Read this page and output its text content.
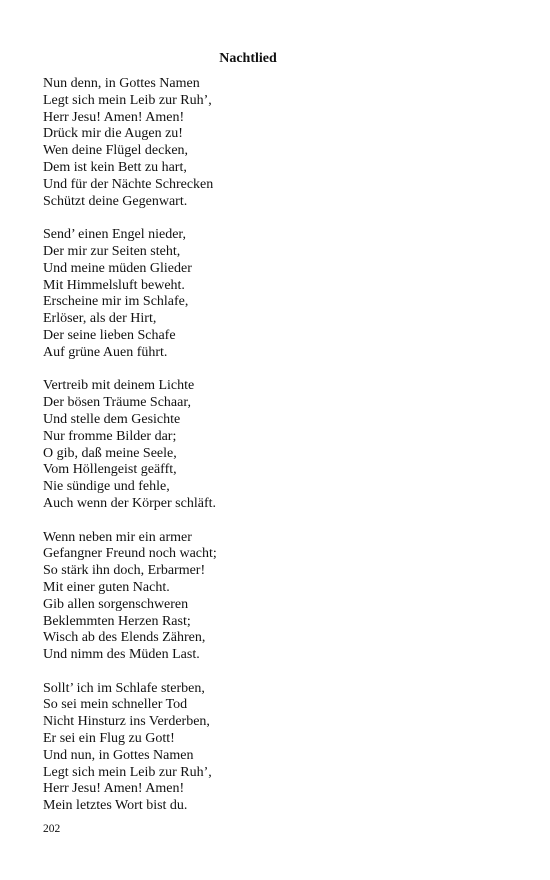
Nachtlied
Nun denn, in Gottes Namen
Legt sich mein Leib zur Ruh’,
Herr Jesu! Amen! Amen!
Drück mir die Augen zu!
Wen deine Flügel decken,
Dem ist kein Bett zu hart,
Und für der Nächte Schrecken
Schützt deine Gegenwart.
Send’ einen Engel nieder,
Der mir zur Seiten steht,
Und meine müden Glieder
Mit Himmelsluft beweht.
Erscheine mir im Schlafe,
Erlöser, als der Hirt,
Der seine lieben Schafe
Auf grüne Auen führt.
Vertreib mit deinem Lichte
Der bösen Träume Schaar,
Und stelle dem Gesichte
Nur fromme Bilder dar;
O gib, daß meine Seele,
Vom Höllengeist geäfft,
Nie sündige und fehle,
Auch wenn der Körper schläft.
Wenn neben mir ein armer
Gefangner Freund noch wacht;
So stärk ihn doch, Erbarmer!
Mit einer guten Nacht.
Gib allen sorgenschweren
Beklemmten Herzen Rast;
Wisch ab des Elends Zähren,
Und nimm des Müden Last.
Sollt’ ich im Schlafe sterben,
So sei mein schneller Tod
Nicht Hinsturz ins Verderben,
Er sei ein Flug zu Gott!
Und nun, in Gottes Namen
Legt sich mein Leib zur Ruh’,
Herr Jesu! Amen! Amen!
Mein letztes Wort bist du.
202
